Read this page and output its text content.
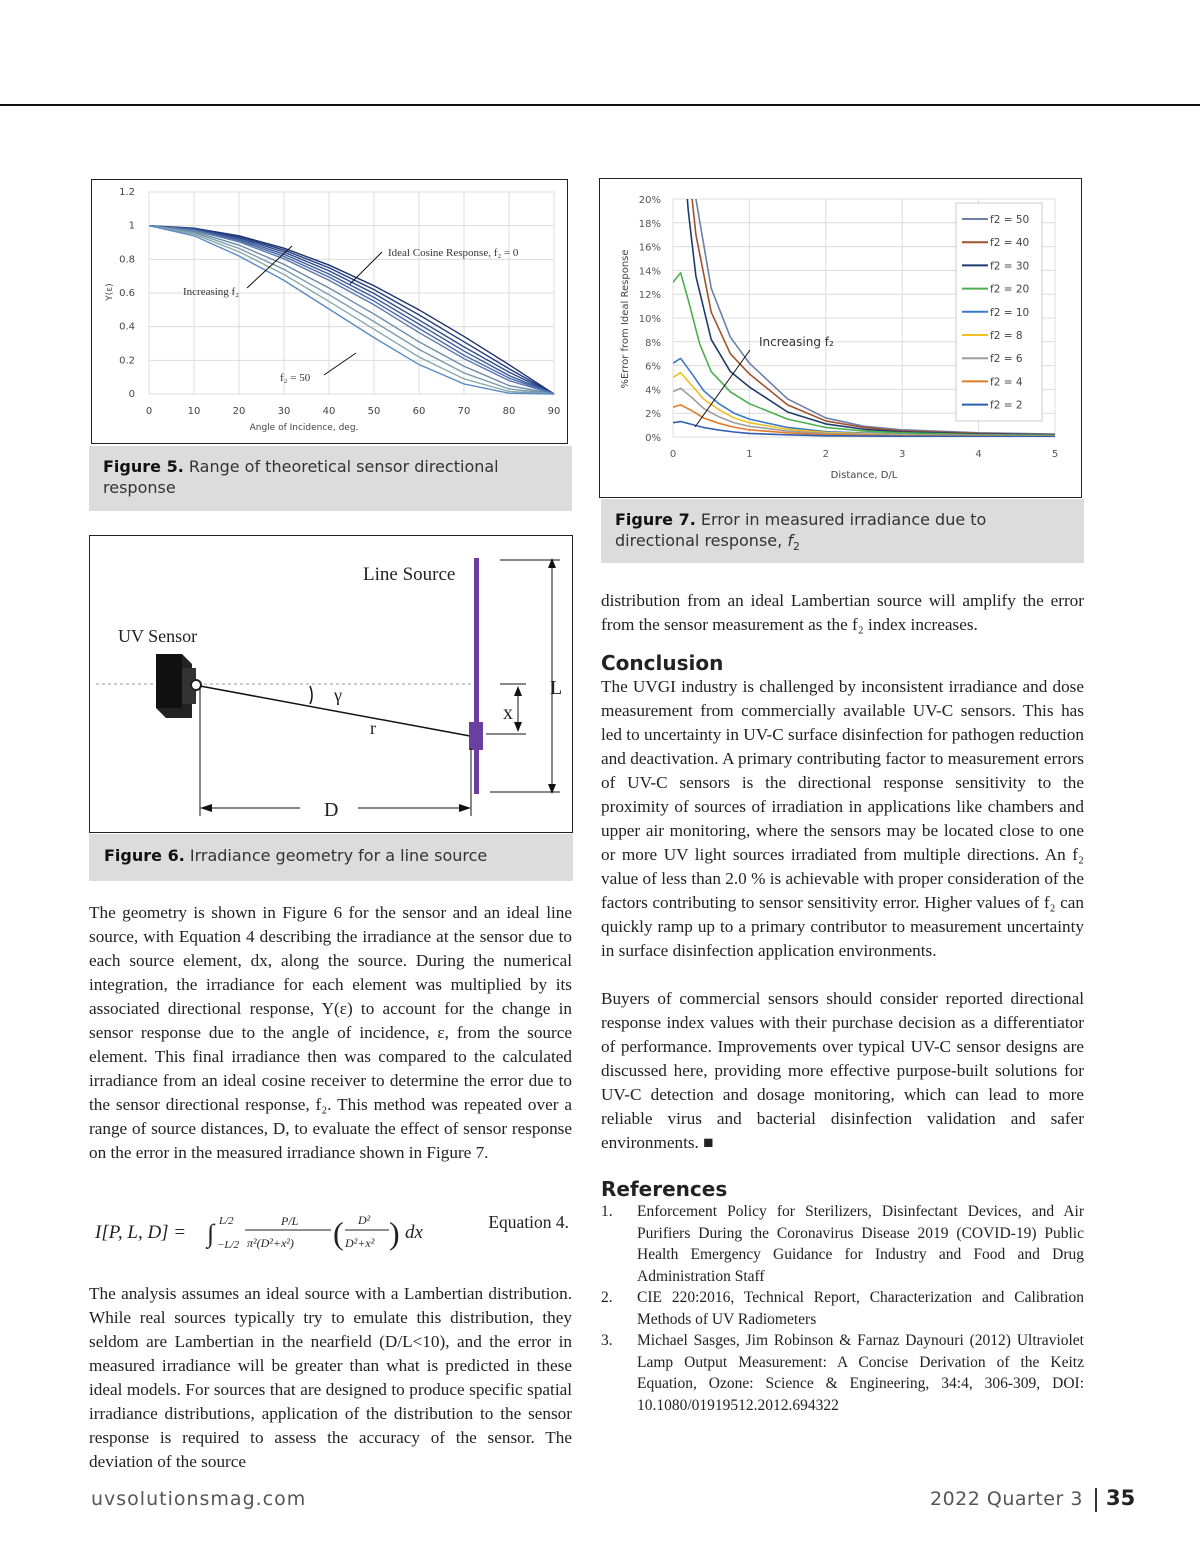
0
0.2
0.4
0.6
0.8
1
1.2
0	10	20	30	40	50	60	70	80	90
Angle of Incidence, deg.
Y(ε)
Ideal Cosine Response, f₂ = 0
Increasing f₂
f₂ = 50
Figure 5. Range of theoretical sensor directional response
0%
2%
4%
6%
8%
10%
12%
14%
16%
18%
20%
0	1	2	3	4	5
f2 = 50
f2 = 40
f2 = 30
f2 = 20
f2 = 10
f2 = 8
f2 = 6
f2 = 4
f2 = 2
Distance, D/L
%Error from Ideal Response	Increasing f₂
Figure 7. Error in measured irradiance due to directional response, $f_2$
Line Source
UV Sensor
γ
r
x
L
D
Figure 6. Irradiance geometry for a line source

The geometry is shown in Figure 6 for the sensor and an ideal line source, with Equation 4 describing the irradiance at the sensor due to each source element, dx, along the source. During the numerical integration, the irradiance for each element was multiplied by its associated directional response, Y(ε) to account for the change in sensor response due to the angle of incidence, ε, from the source element. This final irradiance then was compared to the calculated irradiance from an ideal cosine receiver to determine the error due to the sensor directional response, f₂. This method was repeated over a range of source distances, D, to evaluate the effect of sensor response on the error in the measured irradiance shown in Figure 7.

I[P, L, D] = ∫ L/2
−L/2
P/L
π²(D²+x²) ( D²
D²+x² ) dx	Equation 4.

The analysis assumes an ideal source with a Lambertian distribution. While real sources typically try to emulate this distribution, they seldom are Lambertian in the nearfield (D/L<10), and the error in measured irradiance will be greater than what is predicted in these ideal models. For sources that are designed to produce specific spatial irradiance distributions, application of the distribution to the sensor response is required to assess the accuracy of the sensor. The deviation of the source

distribution from an ideal Lambertian source will amplify the error from the sensor measurement as the f₂ index increases.

Conclusion

The UVGI industry is challenged by inconsistent irradiance and dose measurement from commercially available UV-C sensors. This has led to uncertainty in UV-C surface disinfection for pathogen reduction and deactivation. A primary contributing factor to measurement errors of UV-C sensors is the directional response sensitivity to the proximity of sources of irradiation in applications like chambers and upper air monitoring, where the sensors may be located close to one or more UV light sources irradiated from multiple directions. An f₂ value of less than 2.0 % is achievable with proper consideration of the factors contributing to sensor sensitivity error. Higher values of f₂ can quickly ramp up to a primary contributor to measurement uncertainty in surface disinfection application environments.

Buyers of commercial sensors should consider reported directional response index values with their purchase decision as a differentiator of performance. Improvements over typical UV-C sensor designs are discussed here, providing more effective purpose-built solutions for UV-C detection and dosage monitoring, which can lead to more reliable virus and bacterial disinfection validation and safer environments. ■

References
1.	Enforcement Policy for Sterilizers, Disinfectant Devices, and Air Purifiers During the Coronavirus Disease 2019 (COVID-19) Public Health Emergency Guidance for Industry and Food and Drug Administration Staff
2.	CIE 220:2016, Technical Report, Characterization and Calibration Methods of UV Radiometers
3.	Michael Sasges, Jim Robinson & Farnaz Daynouri (2012) Ultraviolet Lamp Output Measurement: A Concise Derivation of the Keitz Equation, Ozone: Science & Engineering, 34:4, 306-309, DOI: 10.1080/01919512.2012.694322
uvsolutionsmag.com	2022 Quarter 3 35
